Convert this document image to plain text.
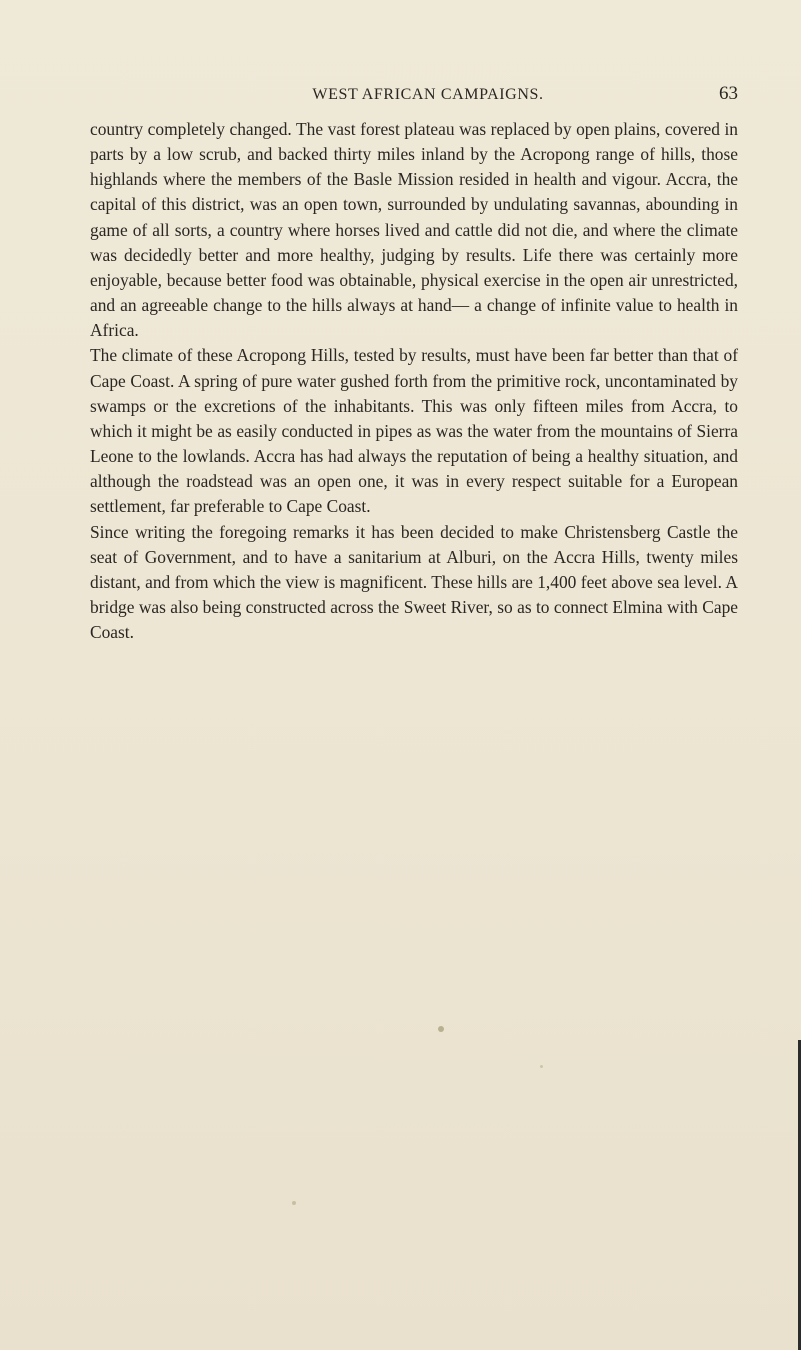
WEST AFRICAN CAMPAIGNS.	63

country completely changed. The vast forest plateau was replaced by open plains, covered in parts by a low scrub, and backed thirty miles inland by the Acropong range of hills, those highlands where the members of the Basle Mission resided in health and vigour. Accra, the capital of this district, was an open town, surrounded by undulating savannas, abounding in game of all sorts, a country where horses lived and cattle did not die, and where the climate was decidedly better and more healthy, judging by results. Life there was certainly more enjoyable, because better food was obtainable, physical exercise in the open air unrestricted, and an agreeable change to the hills always at hand— a change of infinite value to health in Africa.

The climate of these Acropong Hills, tested by results, must have been far better than that of Cape Coast. A spring of pure water gushed forth from the primitive rock, uncontaminated by swamps or the excretions of the inhabitants. This was only fifteen miles from Accra, to which it might be as easily conducted in pipes as was the water from the mountains of Sierra Leone to the lowlands. Accra has had always the reputation of being a healthy situation, and although the roadstead was an open one, it was in every respect suitable for a European settlement, far preferable to Cape Coast.

Since writing the foregoing remarks it has been decided to make Christensberg Castle the seat of Government, and to have a sanitarium at Alburi, on the Accra Hills, twenty miles distant, and from which the view is magnificent. These hills are 1,400 feet above sea level. A bridge was also being constructed across the Sweet River, so as to connect Elmina with Cape Coast.
